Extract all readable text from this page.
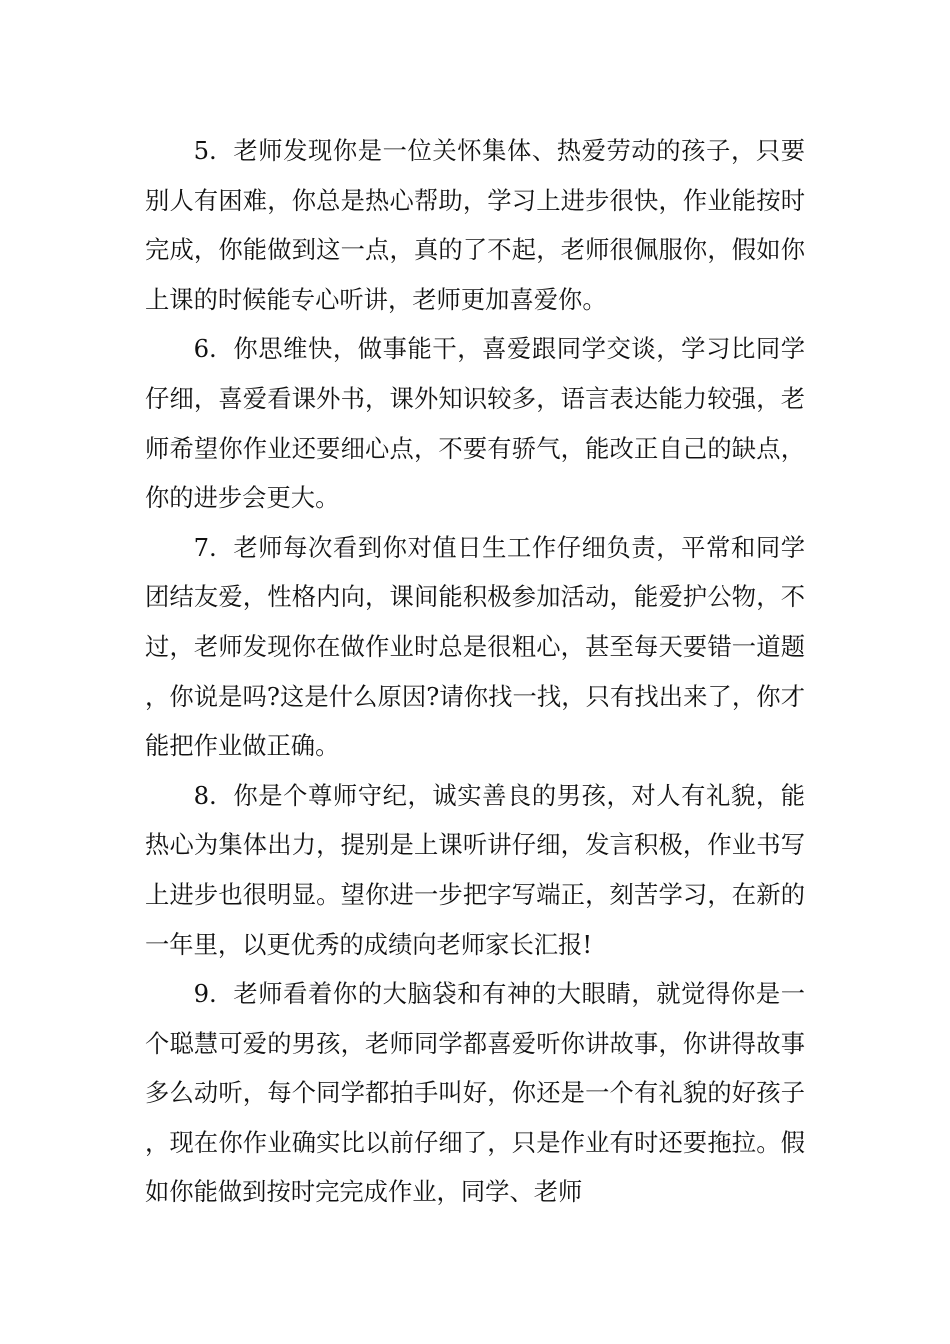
5. 老师发现你是一位关怀集体、热爱劳动的孩子，只要别人有困难，你总是热心帮助，学习上进步很快，作业能按时完成，你能做到这一点，真的了不起，老师很佩服你，假如你上课的时候能专心听讲，老师更加喜爱你。

6. 你思维快，做事能干，喜爱跟同学交谈，学习比同学仔细，喜爱看课外书，课外知识较多，语言表达能力较强，老师希望你作业还要细心点，不要有骄气，能改正自己的缺点，你的进步会更大。

7. 老师每次看到你对值日生工作仔细负责，平常和同学团结友爱，性格内向，课间能积极参加活动，能爱护公物，不过，老师发现你在做作业时总是很粗心，甚至每天要错一道题，你说是吗?这是什么原因?请你找一找，只有找出来了，你才能把作业做正确。

8. 你是个尊师守纪，诚实善良的男孩，对人有礼貌，能热心为集体出力，提别是上课听讲仔细，发言积极，作业书写上进步也很明显。望你进一步把字写端正，刻苦学习，在新的一年里，以更优秀的成绩向老师家长汇报!

9. 老师看着你的大脑袋和有神的大眼睛，就觉得你是一个聪慧可爱的男孩，老师同学都喜爱听你讲故事，你讲得故事多么动听，每个同学都拍手叫好，你还是一个有礼貌的好孩子，现在你作业确实比以前仔细了，只是作业有时还要拖拉。假如你能做到按时完完成作业，同学、老师
